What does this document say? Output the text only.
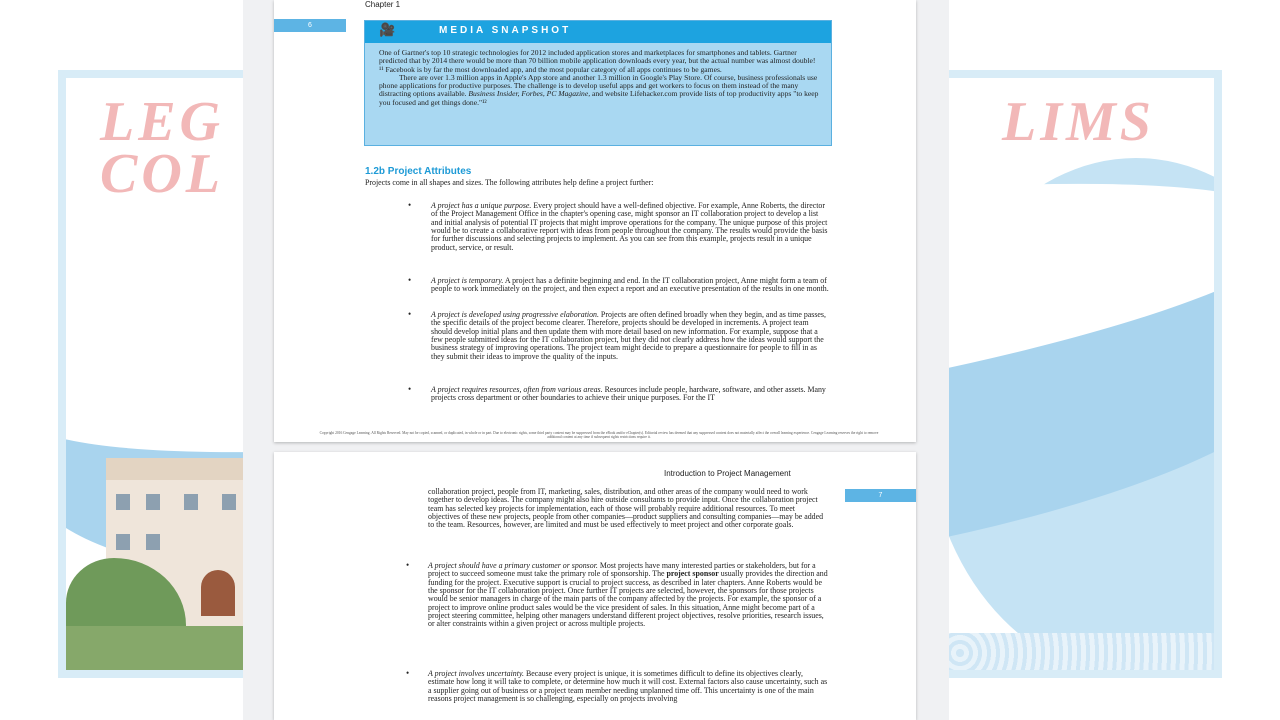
LEG
COL
LIMS
Chapter 1
6	🎥	MEDIA SNAPSHOT
One of Gartner's top 10 strategic technologies for 2012 included application stores and marketplaces for smartphones and tablets. Gartner predicted that by 2014 there would be more than 70 billion mobile application downloads every year, but the actual number was almost double!¹¹ Facebook is by far the most downloaded app, and the most popular category of all apps continues to be games.
There are over 1.3 million apps in Apple's App store and another 1.3 million in Google's Play Store. Of course, business professionals use phone applications for productive purposes. The challenge is to develop useful apps and get workers to focus on them instead of the many distracting options available. Business Insider, Forbes, PC Magazine, and website Lifehacker.com provide lists of top productivity apps "to keep you focused and get things done."¹²
1.2b Project Attributes
Projects come in all shapes and sizes. The following attributes help define a project further:
•	A project has a unique purpose. Every project should have a well-defined objective. For example, Anne Roberts, the director of the Project Management Office in the chapter's opening case, might sponsor an IT collaboration project to develop a list and initial analysis of potential IT projects that might improve operations for the company. The unique purpose of this project would be to create a collaborative report with ideas from people throughout the company. The results would provide the basis for further discussions and selecting projects to implement. As you can see from this example, projects result in a unique product, service, or result.
•	A project is temporary. A project has a definite beginning and end. In the IT collaboration project, Anne might form a team of people to work immediately on the project, and then expect a report and an executive presentation of the results in one month.
•	A project is developed using progressive elaboration. Projects are often defined broadly when they begin, and as time passes, the specific details of the project become clearer. Therefore, projects should be developed in increments. A project team should develop initial plans and then update them with more detail based on new information. For example, suppose that a few people submitted ideas for the IT collaboration project, but they did not clearly address how the ideas would support the business strategy of improving operations. The project team might decide to prepare a questionnaire for people to fill in as they submit their ideas to improve the quality of the inputs.
•	A project requires resources, often from various areas. Resources include people, hardware, software, and other assets. Many projects cross department or other boundaries to achieve their unique purposes. For the IT
Copyright 2016 Cengage Learning. All Rights Reserved. May not be copied, scanned, or duplicated, in whole or in part. Due to electronic rights, some third party content may be suppressed from the eBook and/or eChapter(s). Editorial review has deemed that any suppressed content does not materially affect the overall learning experience. Cengage Learning reserves the right to remove additional content at any time if subsequent rights restrictions require it.
Introduction to Project Management
7
collaboration project, people from IT, marketing, sales, distribution, and other areas of the company would need to work together to develop ideas. The company might also hire outside consultants to provide input. Once the collaboration project team has selected key projects for implementation, each of those will probably require additional resources. To meet objectives of these new projects, people from other companies—product suppliers and consulting companies—may be added to the team. Resources, however, are limited and must be used effectively to meet project and other corporate goals.
• A project should have a primary customer or sponsor. Most projects have many interested parties or stakeholders, but for a project to succeed someone must take the primary role of sponsorship. The project sponsor usually provides the direction and funding for the project. Executive support is crucial to project success, as described in later chapters. Anne Roberts would be the sponsor for the IT collaboration project. Once further IT projects are selected, however, the sponsors for those projects would be senior managers in charge of the main parts of the company affected by the projects. For example, the sponsor of a project to improve online product sales would be the vice president of sales. In this situation, Anne might become part of a project steering committee, helping other managers understand different project objectives, resolve priorities, research issues, or alter constraints within a given project or across multiple projects.
• A project involves uncertainty. Because every project is unique, it is sometimes difficult to define its objectives clearly, estimate how long it will take to complete, or determine how much it will cost. External factors also cause uncertainty, such as a supplier going out of business or a project team member needing unplanned time off. This uncertainty is one of the main reasons project management is so challenging, especially on projects involving
